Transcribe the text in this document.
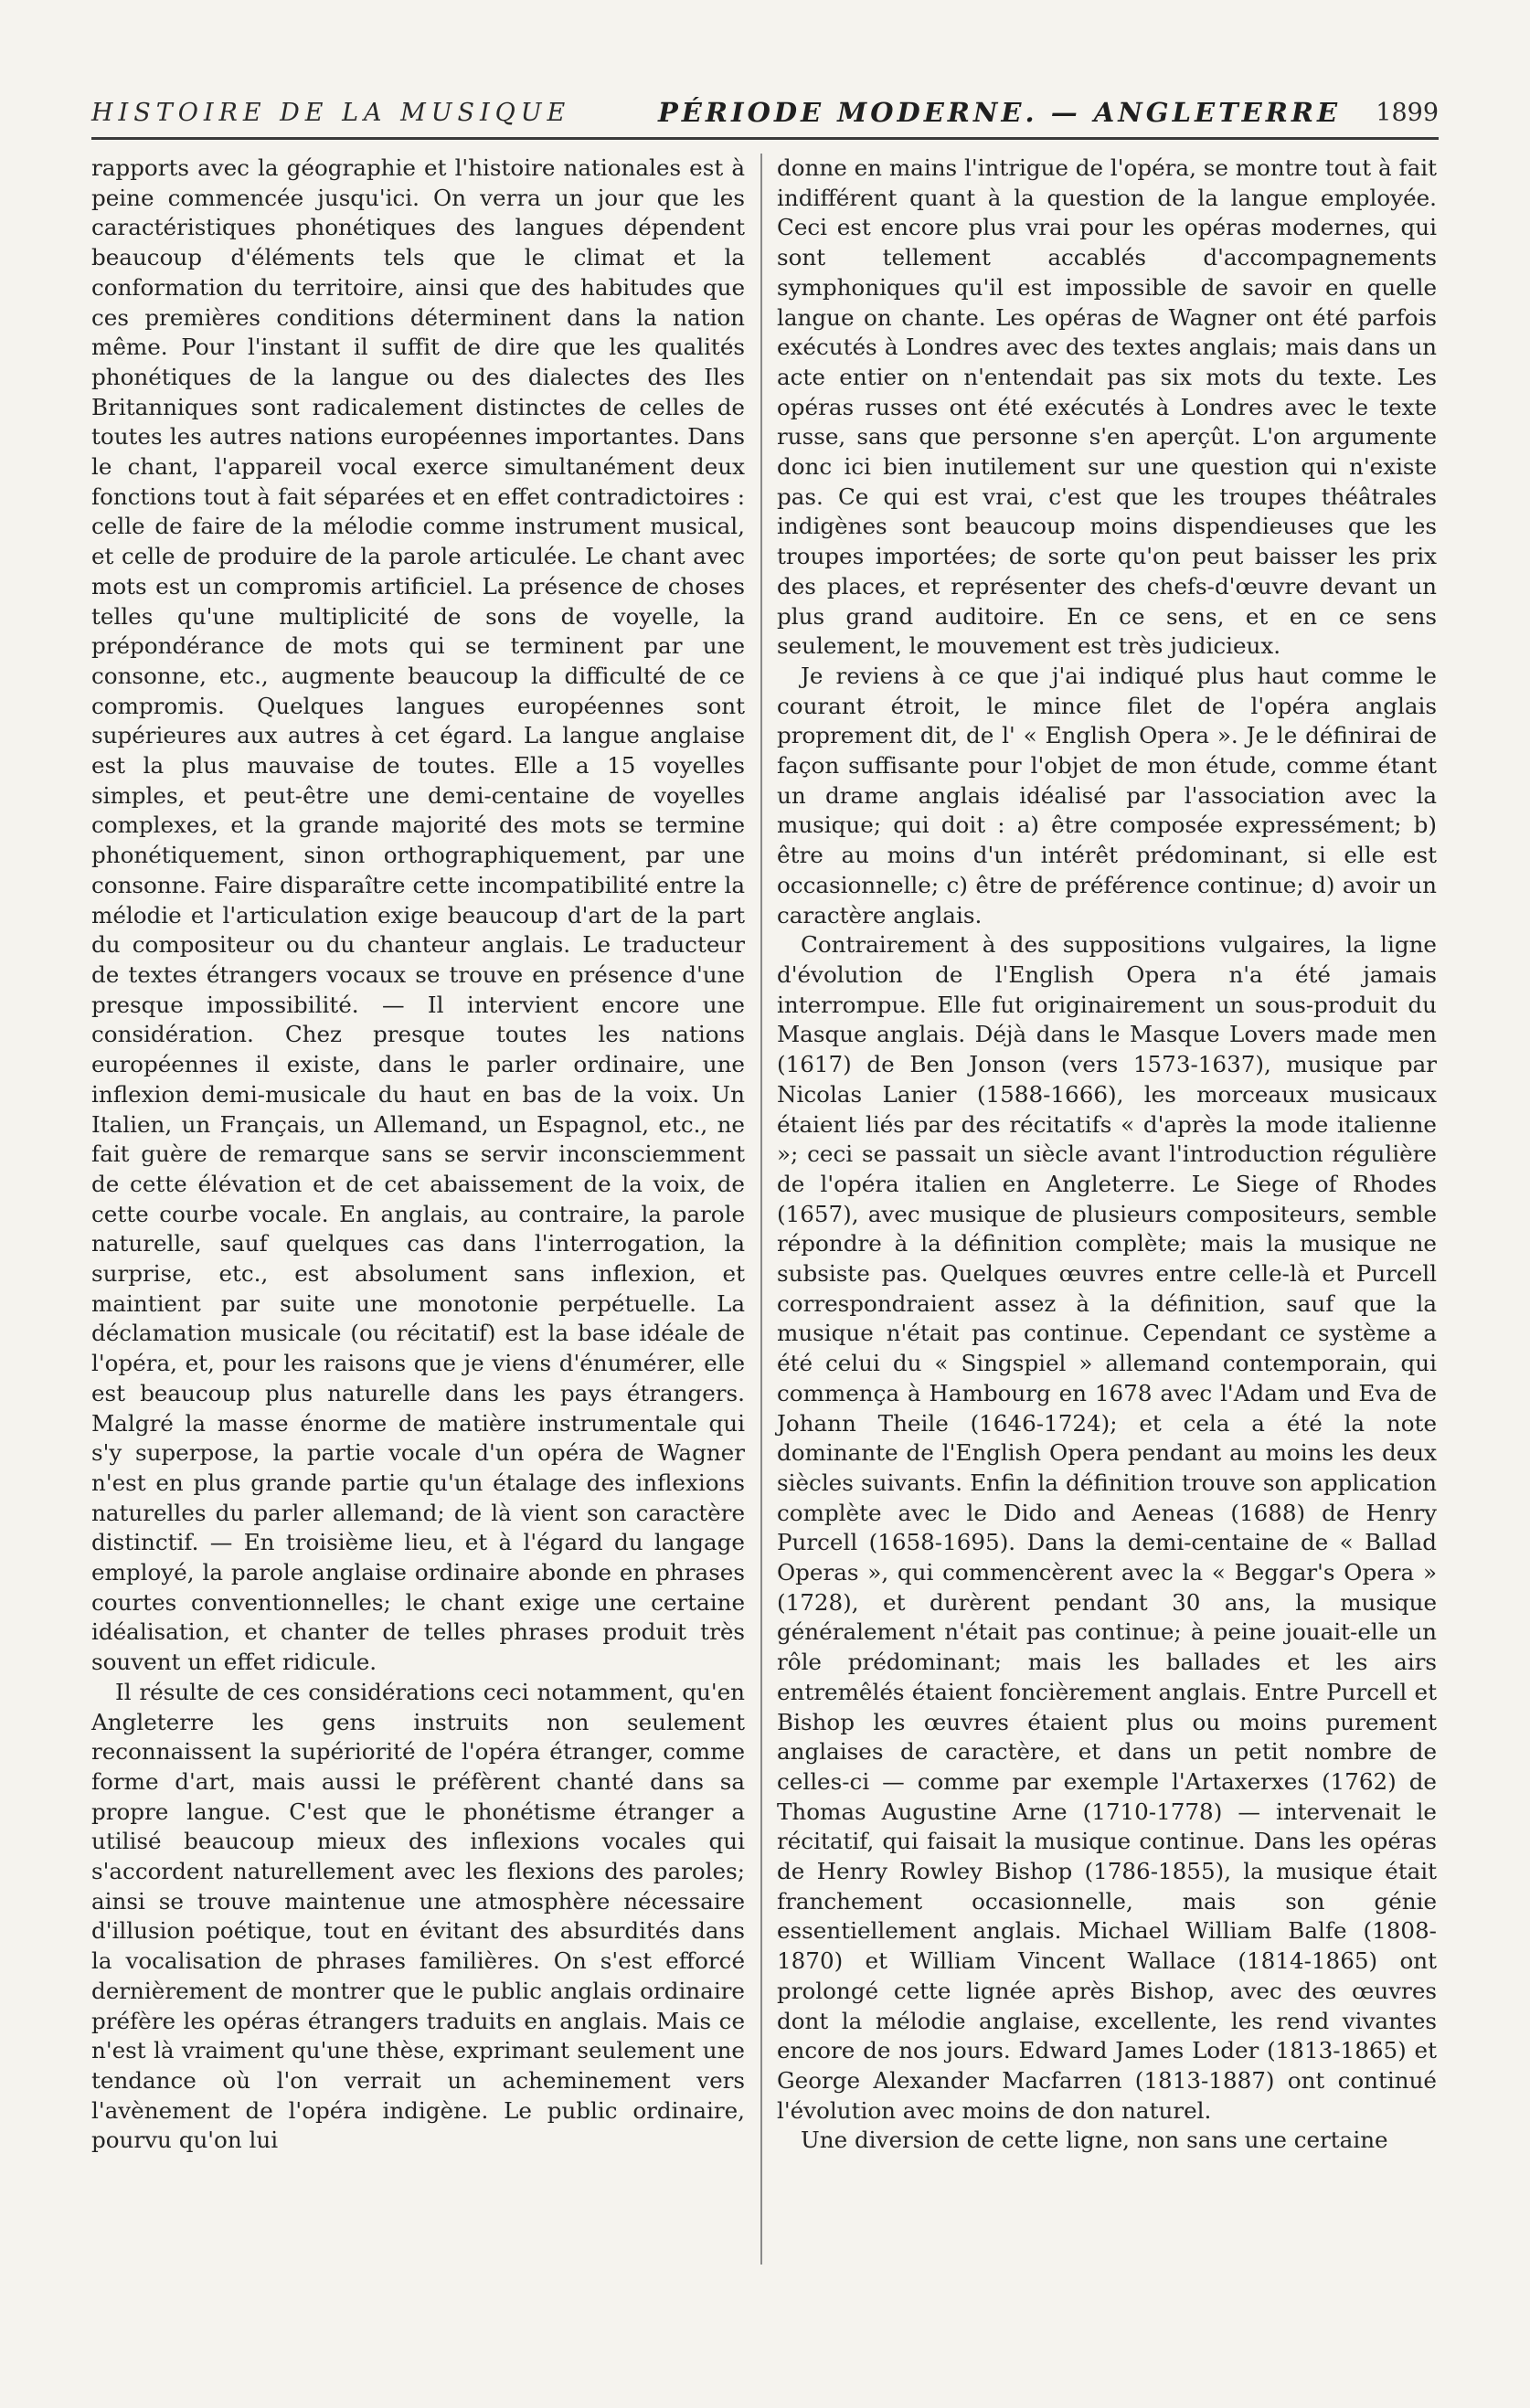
HISTOIRE DE LA MUSIQUE	PÉRIODE MODERNE. — ANGLETERRE 1899

rapports avec la géographie et l'histoire nationales est à peine commencée jusqu'ici. On verra un jour que les caractéristiques phonétiques des langues dépendent beaucoup d'éléments tels que le climat et la conformation du territoire, ainsi que des habitudes que ces premières conditions déterminent dans la nation même. Pour l'instant il suffit de dire que les qualités phonétiques de la langue ou des dialectes des Iles Britanniques sont radicalement distinctes de celles de toutes les autres nations européennes importantes. Dans le chant, l'appareil vocal exerce simultanément deux fonctions tout à fait séparées et en effet contradictoires : celle de faire de la mélodie comme instrument musical, et celle de produire de la parole articulée. Le chant avec mots est un compromis artificiel. La présence de choses telles qu'une multiplicité de sons de voyelle, la prépondérance de mots qui se terminent par une consonne, etc., augmente beaucoup la difficulté de ce compromis. Quelques langues européennes sont supérieures aux autres à cet égard. La langue anglaise est la plus mauvaise de toutes. Elle a 15 voyelles simples, et peut-être une demi-centaine de voyelles complexes, et la grande majorité des mots se termine phonétiquement, sinon orthographiquement, par une consonne. Faire disparaître cette incompatibilité entre la mélodie et l'articulation exige beaucoup d'art de la part du compositeur ou du chanteur anglais. Le traducteur de textes étrangers vocaux se trouve en présence d'une presque impossibilité. — Il intervient encore une considération. Chez presque toutes les nations européennes il existe, dans le parler ordinaire, une inflexion demi-musicale du haut en bas de la voix. Un Italien, un Français, un Allemand, un Espagnol, etc., ne fait guère de remarque sans se servir inconsciemment de cette élévation et de cet abaissement de la voix, de cette courbe vocale. En anglais, au contraire, la parole naturelle, sauf quelques cas dans l'interrogation, la surprise, etc., est absolument sans inflexion, et maintient par suite une monotonie perpétuelle. La déclamation musicale (ou récitatif) est la base idéale de l'opéra, et, pour les raisons que je viens d'énumérer, elle est beaucoup plus naturelle dans les pays étrangers. Malgré la masse énorme de matière instrumentale qui s'y superpose, la partie vocale d'un opéra de Wagner n'est en plus grande partie qu'un étalage des inflexions naturelles du parler allemand; de là vient son caractère distinctif. — En troisième lieu, et à l'égard du langage employé, la parole anglaise ordinaire abonde en phrases courtes conventionnelles; le chant exige une certaine idéalisation, et chanter de telles phrases produit très souvent un effet ridicule.

Il résulte de ces considérations ceci notamment, qu'en Angleterre les gens instruits non seulement reconnaissent la supériorité de l'opéra étranger, comme forme d'art, mais aussi le préfèrent chanté dans sa propre langue. C'est que le phonétisme étranger a utilisé beaucoup mieux des inflexions vocales qui s'accordent naturellement avec les flexions des paroles; ainsi se trouve maintenue une atmosphère nécessaire d'illusion poétique, tout en évitant des absurdités dans la vocalisation de phrases familières. On s'est efforcé dernièrement de montrer que le public anglais ordinaire préfère les opéras étrangers traduits en anglais. Mais ce n'est là vraiment qu'une thèse, exprimant seulement une tendance où l'on verrait un acheminement vers l'avènement de l'opéra indigène. Le public ordinaire, pourvu qu'on lui

donne en mains l'intrigue de l'opéra, se montre tout à fait indifférent quant à la question de la langue employée. Ceci est encore plus vrai pour les opéras modernes, qui sont tellement accablés d'accompagnements symphoniques qu'il est impossible de savoir en quelle langue on chante. Les opéras de Wagner ont été parfois exécutés à Londres avec des textes anglais; mais dans un acte entier on n'entendait pas six mots du texte. Les opéras russes ont été exécutés à Londres avec le texte russe, sans que personne s'en aperçût. L'on argumente donc ici bien inutilement sur une question qui n'existe pas. Ce qui est vrai, c'est que les troupes théâtrales indigènes sont beaucoup moins dispendieuses que les troupes importées; de sorte qu'on peut baisser les prix des places, et représenter des chefs-d'œuvre devant un plus grand auditoire. En ce sens, et en ce sens seulement, le mouvement est très judicieux.

Je reviens à ce que j'ai indiqué plus haut comme le courant étroit, le mince filet de l'opéra anglais proprement dit, de l' « English Opera ». Je le définirai de façon suffisante pour l'objet de mon étude, comme étant un drame anglais idéalisé par l'association avec la musique; qui doit : a) être composée expressément; b) être au moins d'un intérêt prédominant, si elle est occasionnelle; c) être de préférence continue; d) avoir un caractère anglais.

Contrairement à des suppositions vulgaires, la ligne d'évolution de l'English Opera n'a été jamais interrompue. Elle fut originairement un sous-produit du Masque anglais. Déjà dans le Masque Lovers made men (1617) de Ben Jonson (vers 1573-1637), musique par Nicolas Lanier (1588-1666), les morceaux musicaux étaient liés par des récitatifs « d'après la mode italienne »; ceci se passait un siècle avant l'introduction régulière de l'opéra italien en Angleterre. Le Siege of Rhodes (1657), avec musique de plusieurs compositeurs, semble répondre à la définition complète; mais la musique ne subsiste pas. Quelques œuvres entre celle-là et Purcell correspondraient assez à la définition, sauf que la musique n'était pas continue. Cependant ce système a été celui du « Singspiel » allemand contemporain, qui commença à Hambourg en 1678 avec l'Adam und Eva de Johann Theile (1646-1724); et cela a été la note dominante de l'English Opera pendant au moins les deux siècles suivants. Enfin la définition trouve son application complète avec le Dido and Aeneas (1688) de Henry Purcell (1658-1695). Dans la demi-centaine de « Ballad Operas », qui commencèrent avec la « Beggar's Opera » (1728), et durèrent pendant 30 ans, la musique généralement n'était pas continue; à peine jouait-elle un rôle prédominant; mais les ballades et les airs entremêlés étaient foncièrement anglais. Entre Purcell et Bishop les œuvres étaient plus ou moins purement anglaises de caractère, et dans un petit nombre de celles-ci — comme par exemple l'Artaxerxes (1762) de Thomas Augustine Arne (1710-1778) — intervenait le récitatif, qui faisait la musique continue. Dans les opéras de Henry Rowley Bishop (1786-1855), la musique était franchement occasionnelle, mais son génie essentiellement anglais. Michael William Balfe (1808-1870) et William Vincent Wallace (1814-1865) ont prolongé cette lignée après Bishop, avec des œuvres dont la mélodie anglaise, excellente, les rend vivantes encore de nos jours. Edward James Loder (1813-1865) et George Alexander Macfarren (1813-1887) ont continué l'évolution avec moins de don naturel.

Une diversion de cette ligne, non sans une certaine
